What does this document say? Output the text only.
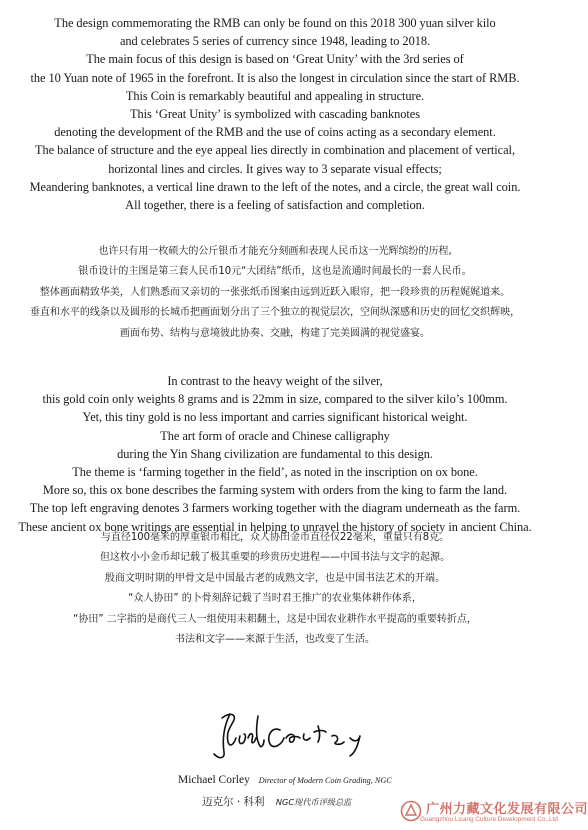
The design commemorating the RMB can only be found on this 2018 300 yuan silver kilo
and celebrates 5 series of currency since 1948, leading to 2018.
The main focus of this design is based on ‘Great Unity’ with the 3rd series of
the 10 Yuan note of 1965 in the forefront. It is also the longest in circulation since the start of RMB.
This Coin is remarkably beautiful and appealing in structure.
This ‘Great Unity’ is symbolized with cascading banknotes
denoting the development of the RMB and the use of coins acting as a secondary element.
The balance of structure and the eye appeal lies directly in combination and placement of vertical,
horizontal lines and circles. It gives way to 3 separate visual effects;
Meandering banknotes, a vertical line drawn to the left of the notes, and a circle, the great wall coin.
All together, there is a feeling of satisfaction and completion.
也许只有用一枚硕大的公斤银币才能充分刻画和表现人民币这一光辉缤纷的历程,
银币设计的主图是第三套人民币10元“大团结”纸币，这也是流通时间最长的一套人民币。
整体画面精致华美，人们熟悉而又亲切的一张张纸币图案由远到近跃入眼帘，把一段珍贵的历程娓娓道来。
垂直和水平的线条以及圆形的长城币把画面划分出了三个独立的视觉层次，空间纵深感和历史的回忆交织辉映，
画面布势、结构与意境彼此协奏、交融，构建了完美圆满的视觉盛宴。
In contrast to the heavy weight of the silver,
this gold coin only weights 8 grams and is 22mm in size, compared to the silver kilo’s 100mm.
Yet, this tiny gold is no less important and carries significant historical weight.
The art form of oracle and Chinese calligraphy
during the Yin Shang civilization are fundamental to this design.
The theme is ‘farming together in the field’, as noted in the inscription on ox bone.
More so, this ox bone describes the farming system with orders from the king to farm the land.
The top left engraving denotes 3 farmers working together with the diagram underneath as the farm.
These ancient ox bone writings are essential in helping to unravel the history of society in ancient China.
与直径100毫米的厚重银币相比，众人协田金币直径仅22毫米，重量只有8克。
但这枚小小金币却记载了极其重要的珍贵历史进程——中国书法与文字的起源。
殷商文明时期的甲骨文是中国最古老的成熟文字，也是中国书法艺术的开端。
“众人协田” 的卜骨刻辞记载了当时君王推广的农业集体耕作体系，
“协田” 二字指的是商代三人一组使用耒耜翻土，这是中国农业耕作水平提高的重要转折点，
书法和文字——来源于生活，也改变了生活。
Michael Corley Director of Modern Coin Grading, NGC
迈克尔 · 科利 NGC现代币评级总监	广州力藏文化发展有限公司
Guangzhou Licang Culture Development Co.,Ltd
